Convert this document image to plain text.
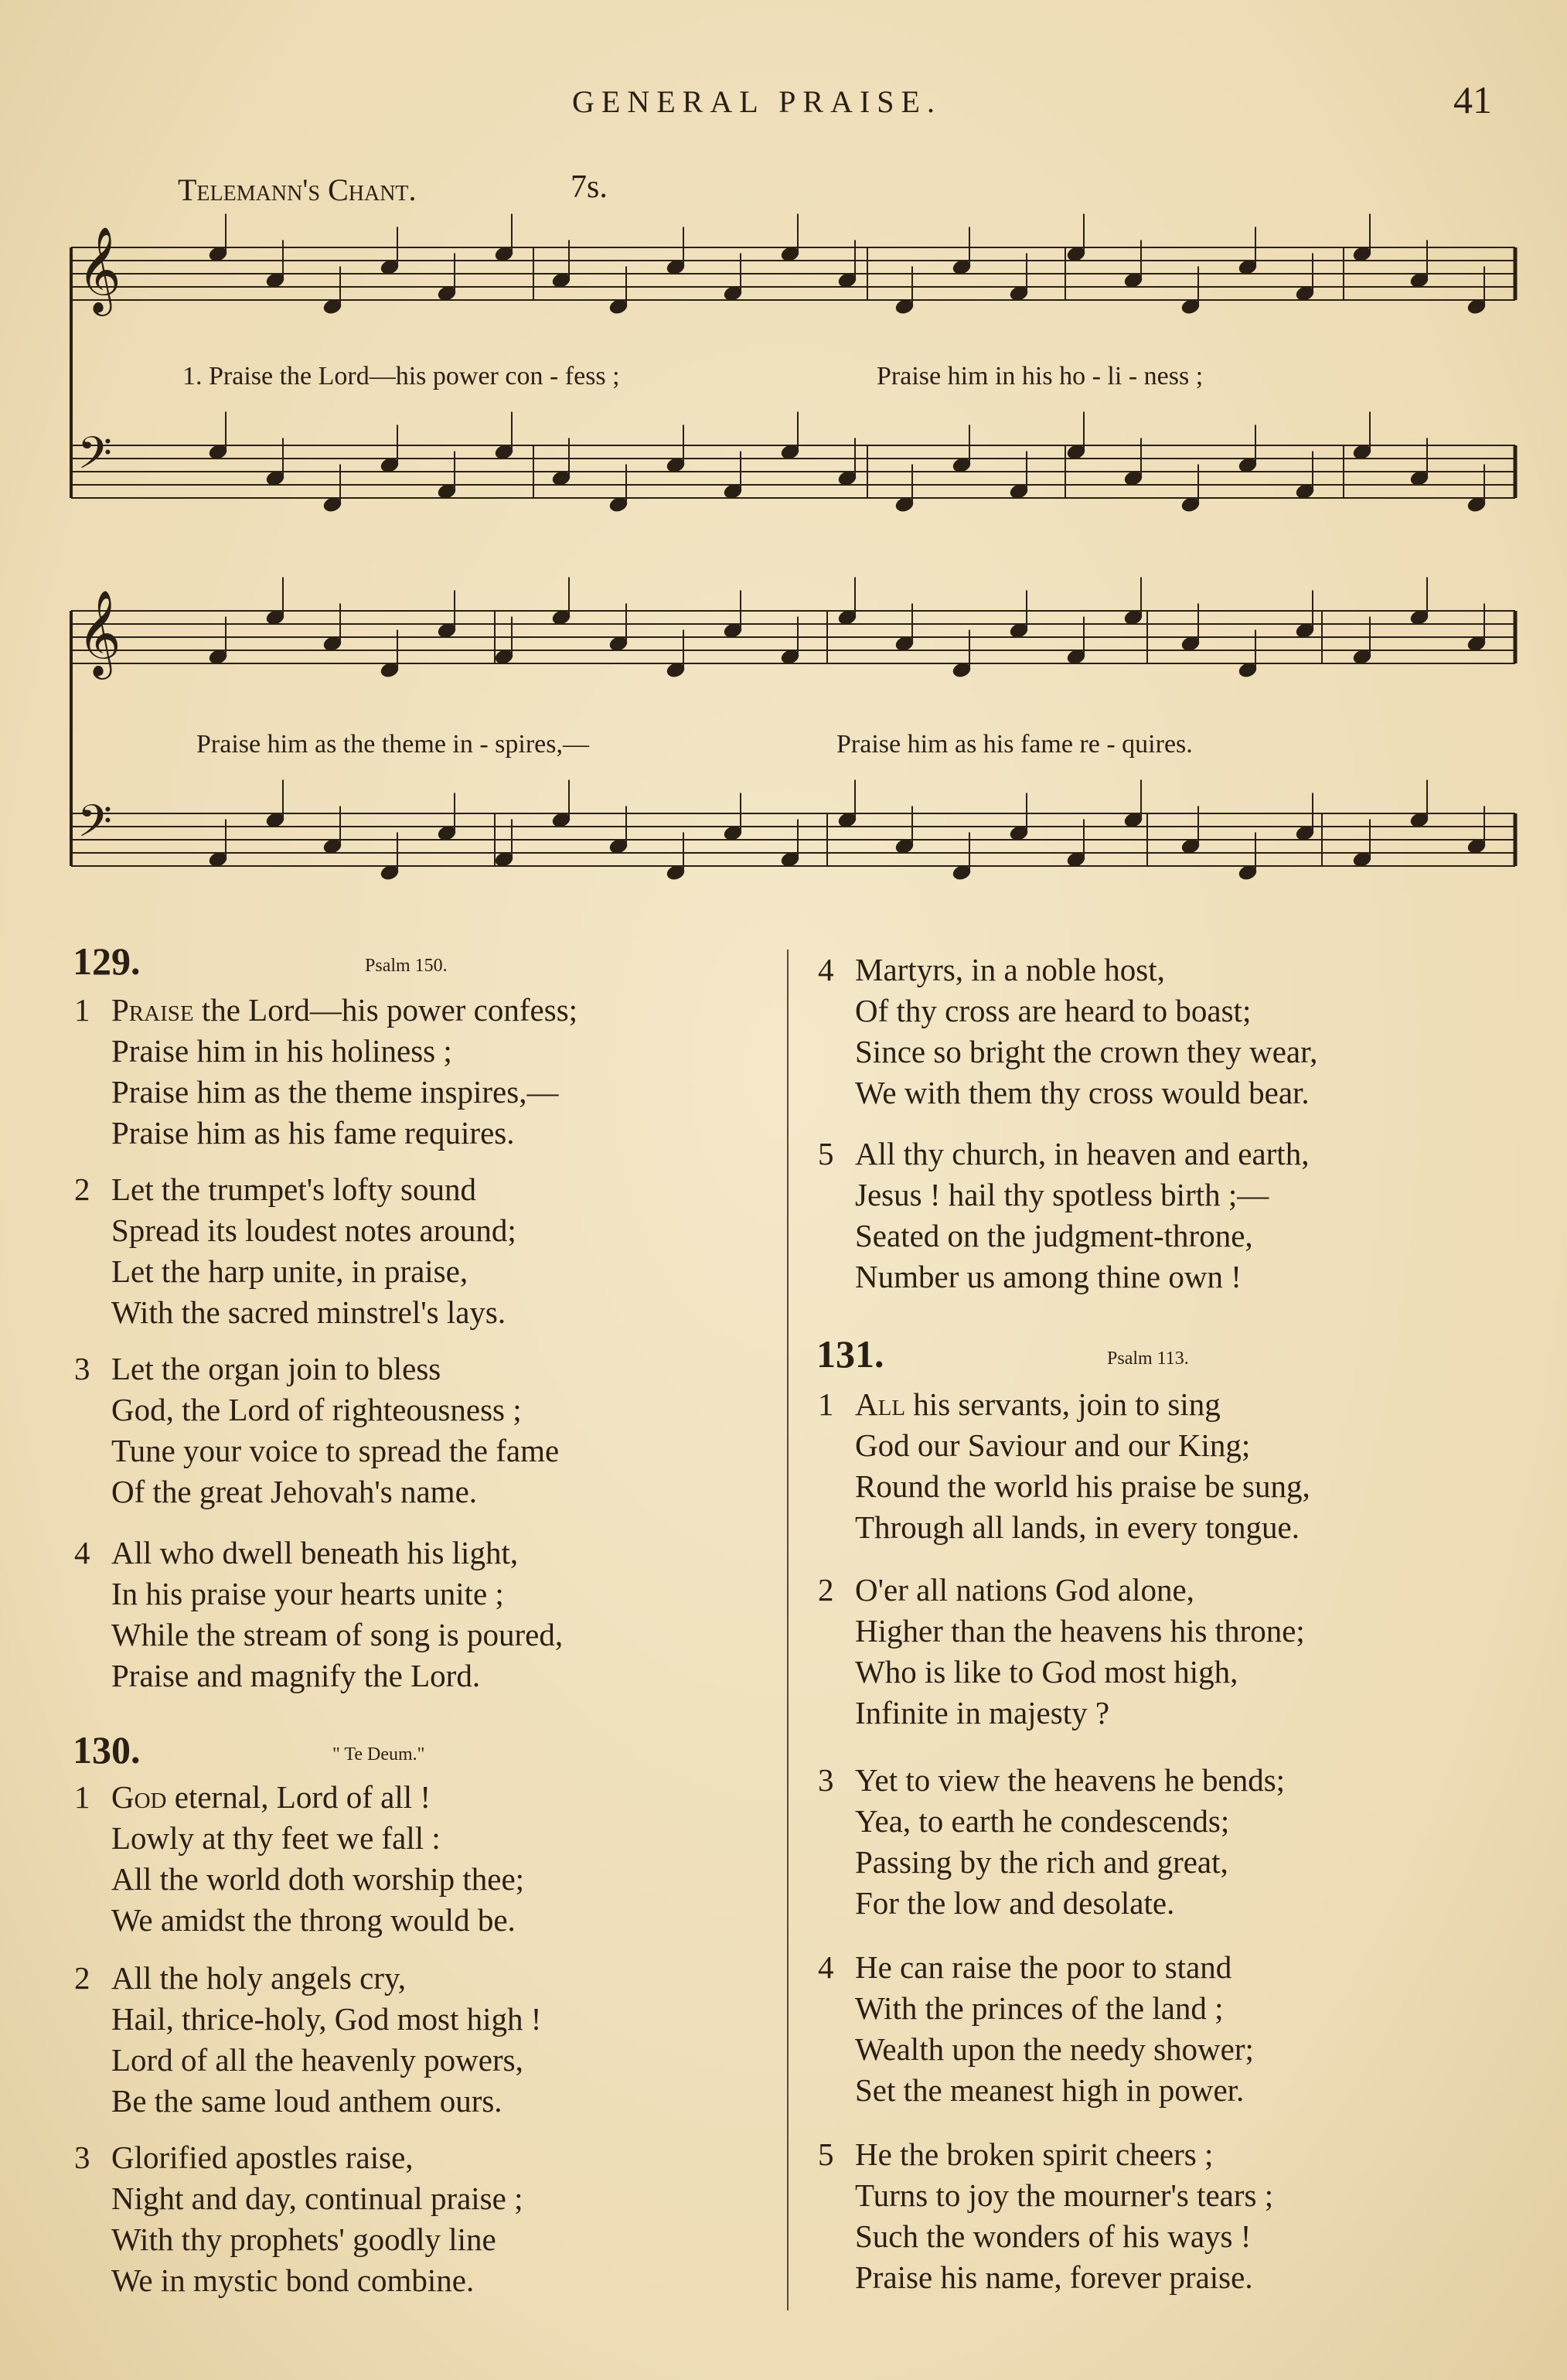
GENERAL PRAISE.	41
Telemann's Chant.	7s.
𝄞
𝄢
𝄞
𝄢
1. Praise the Lord—his power con - fess ;	Praise him in his ho - li - ness ;
Praise him as the theme in - spires,—	Praise him as his fame re - quires.
129.	Psalm 150.
1 Praise the Lord—his power confess;
Praise him in his holiness ;
Praise him as the theme inspires,—
Praise him as his fame requires.
2 Let the trumpet's lofty sound
Spread its loudest notes around;
Let the harp unite, in praise,
With the sacred minstrel's lays.
3 Let the organ join to bless
God, the Lord of righteousness ;
Tune your voice to spread the fame
Of the great Jehovah's name.
4 All who dwell beneath his light,
In his praise your hearts unite ;
While the stream of song is poured,
Praise and magnify the Lord.
130.	" Te Deum."
1 God eternal, Lord of all !
Lowly at thy feet we fall :
All the world doth worship thee;
We amidst the throng would be.
2 All the holy angels cry,
Hail, thrice-holy, God most high !
Lord of all the heavenly powers,
Be the same loud anthem ours.
3 Glorified apostles raise,
Night and day, continual praise ;
With thy prophets' goodly line
We in mystic bond combine.
4 Martyrs, in a noble host,
Of thy cross are heard to boast;
Since so bright the crown they wear,
We with them thy cross would bear.
5 All thy church, in heaven and earth,
Jesus ! hail thy spotless birth ;—
Seated on the judgment-throne,
Number us among thine own !
131.	Psalm 113.
1 All his servants, join to sing
God our Saviour and our King;
Round the world his praise be sung,
Through all lands, in every tongue.
2 O'er all nations God alone,
Higher than the heavens his throne;
Who is like to God most high,
Infinite in majesty ?
3 Yet to view the heavens he bends;
Yea, to earth he condescends;
Passing by the rich and great,
For the low and desolate.
4 He can raise the poor to stand
With the princes of the land ;
Wealth upon the needy shower;
Set the meanest high in power.
5 He the broken spirit cheers ;
Turns to joy the mourner's tears ;
Such the wonders of his ways !
Praise his name, forever praise.
